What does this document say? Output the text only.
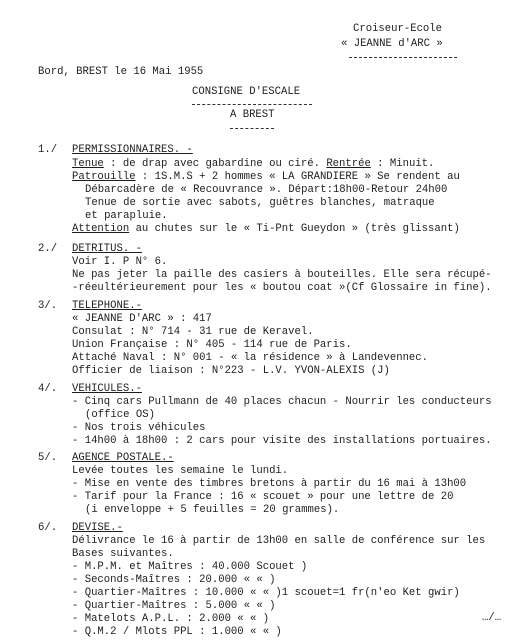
Croiseur-Ecole
« JEANNE d'ARC »
Bord, BREST le 16 Mai 1955
CONSIGNE D'ESCALE
A BREST
1./ PERMISSIONNAIRES. -
Tenue : de drap avec gabardine ou ciré. Rentrée : Minuit.
Patrouille : 1S.M.S + 2 hommes « LA GRANDIERE » Se rendent au
Débarcadère de « Recouvrance ». Départ:18h00-Retour 24h00
Tenue de sortie avec sabots, guêtres blanches, matraque
et parapluie.
Attention au chutes sur le « Ti-Pnt Gueydon » (très glissant)
2./ DETRITUS. -
Voir I. P N° 6.
Ne pas jeter la paille des casiers à bouteilles. Elle sera récupé-
-réeultérieurement pour les « boutou coat »(Cf Glossaire in fine).
3/. TELEPHONE.-
« JEANNE D'ARC » : 417
Consulat : N° 714 - 31 rue de Keravel.
Union Française : N° 405 - 114 rue de Paris.
Attaché Naval : N° 001 - « la résidence » à Landevennec.
Officier de liaison : N°223 - L.V. YVON-ALEXIS (J)
4/. VEHICULES.-
- Cinq cars Pullmann de 40 places chacun - Nourrir les conducteurs
(office OS)
- Nos trois véhicules
- 14h00 à 18h00 : 2 cars pour visite des installations portuaires.
5/. AGENCE POSTALE.-
Levée toutes les semaine le lundi.
- Mise en vente des timbres bretons à partir du 16 mai à 13h00
- Tarif pour la France : 16 « scouet » pour une lettre de 20
(i enveloppe + 5 feuilles = 20 grammes).
6/. DEVISE.-
Délivrance le 16 à partir de 13h00 en salle de conférence sur les
Bases suivantes.
- M.P.M. et Maîtres : 40.000 Scouet )
- Seconds-Maîtres : 20.000 « « )
- Quartier-Maîtres : 10.000 « « )1 scouet=1 fr(n'eo Ket gwir)
- Quartier-Maîtres : 5.000 « « )
- Matelots A.P.L. : 2.000 « « )
- Q.M.2 / Mlots PPL : 1.000 « « )
…/…
